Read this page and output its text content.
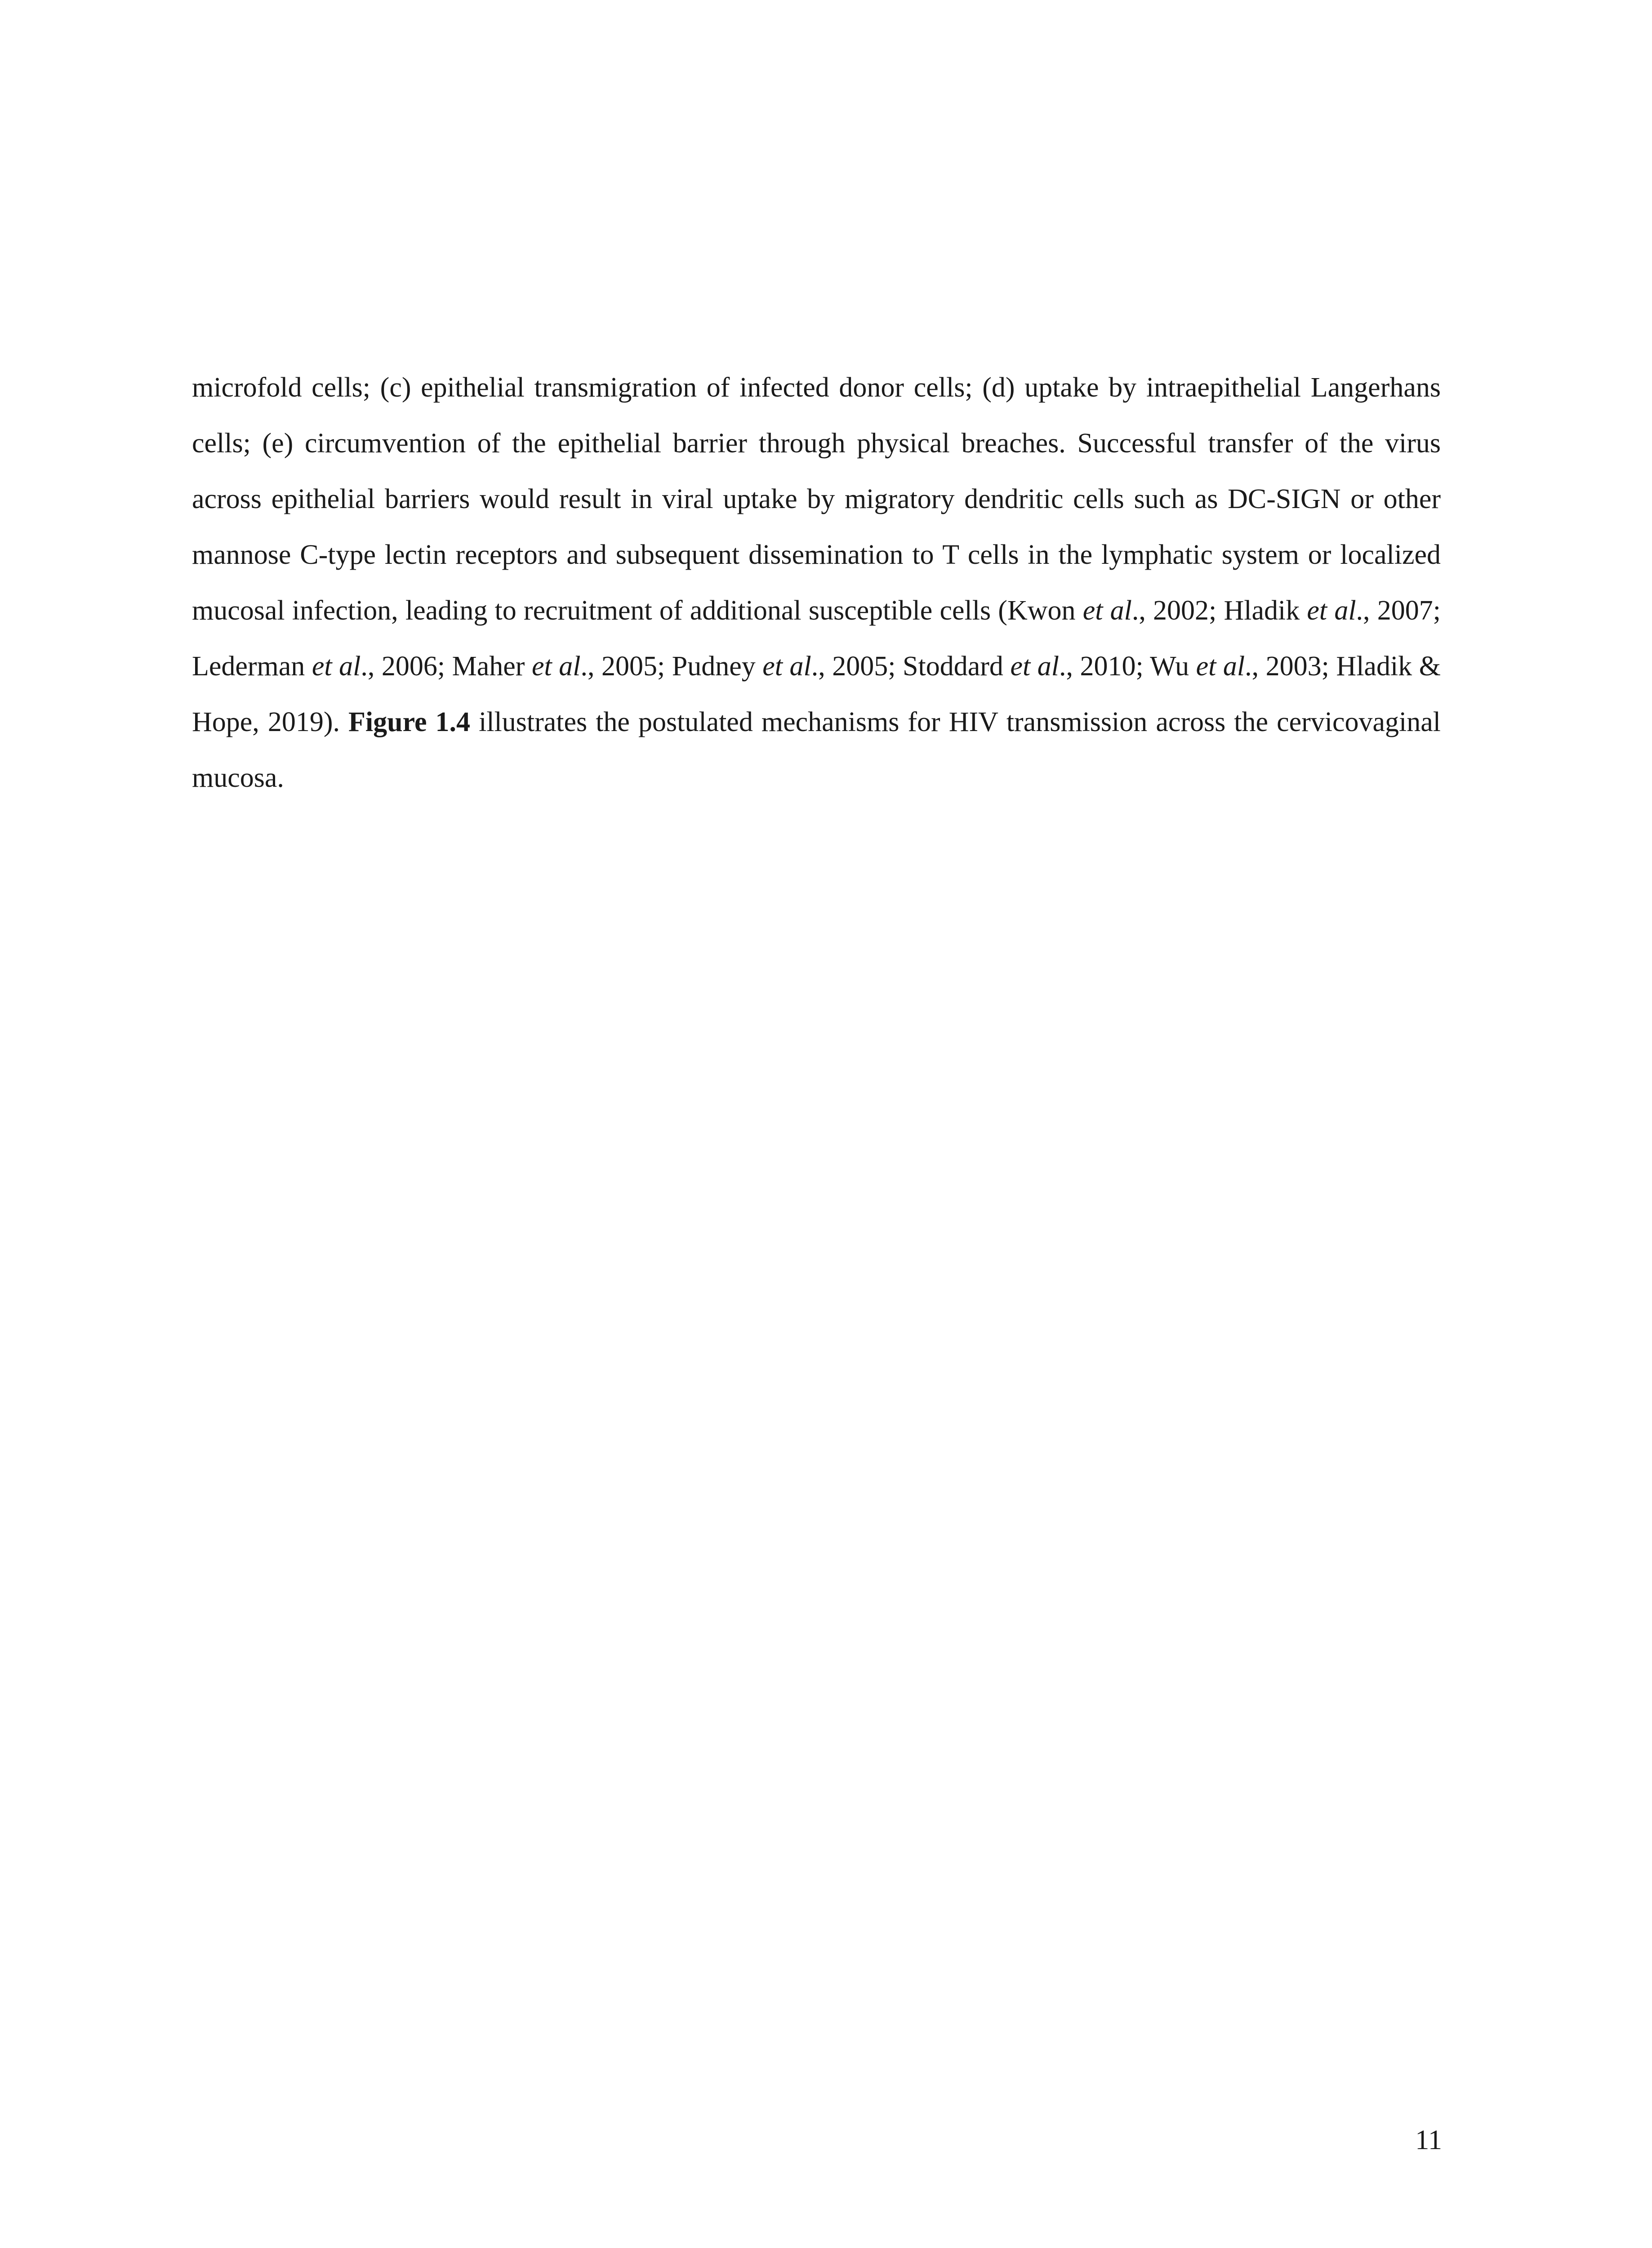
microfold cells; (c) epithelial transmigration of infected donor cells; (d) uptake by intraepithelial Langerhans cells; (e) circumvention of the epithelial barrier through physical breaches. Successful transfer of the virus across epithelial barriers would result in viral uptake by migratory dendritic cells such as DC-SIGN or other mannose C-type lectin receptors and subsequent dissemination to T cells in the lymphatic system or localized mucosal infection, leading to recruitment of additional susceptible cells (Kwon et al., 2002; Hladik et al., 2007; Lederman et al., 2006; Maher et al., 2005; Pudney et al., 2005; Stoddard et al., 2010; Wu et al., 2003; Hladik & Hope, 2019). Figure 1.4 illustrates the postulated mechanisms for HIV transmission across the cervicovaginal mucosa.

11
